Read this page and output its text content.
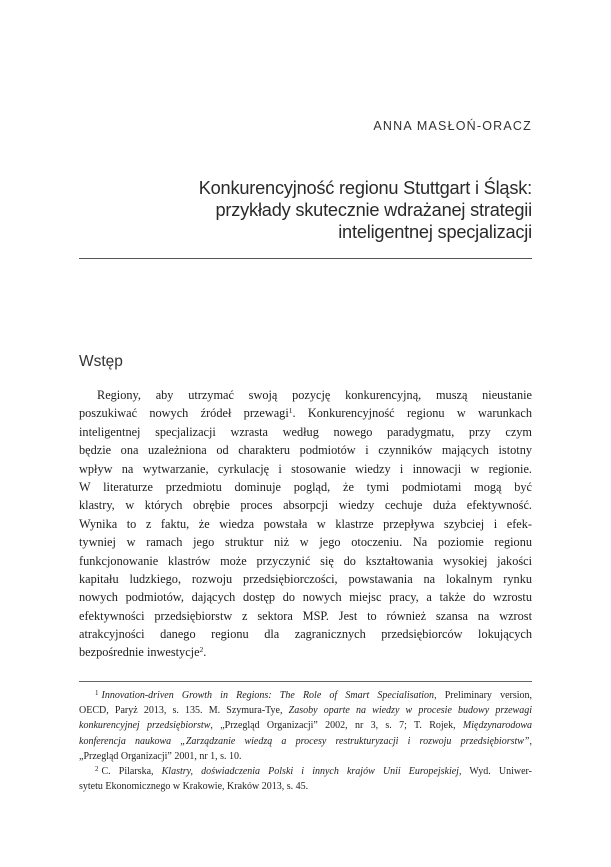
ANNA MASŁOŃ-ORACZ
Konkurencyjność regionu Stuttgart i Śląsk:
przykłady skutecznie wdrażanej strategii
inteligentnej specjalizacji
Wstęp
Regiony, aby utrzymać swoją pozycję konkurencyjną, muszą nieustanie
poszukiwać nowych źródeł przewagi$^1$. Konkurencyjność regionu w warunkach
inteligentnej specjalizacji wzrasta według nowego paradygmatu, przy czym
będzie ona uzależniona od charakteru podmiotów i czynników mających istotny
wpływ na wytwarzanie, cyrkulację i stosowanie wiedzy i innowacji w regionie.
W literaturze przedmiotu dominuje pogląd, że tymi podmiotami mogą być
klastry, w których obrębie proces absorpcji wiedzy cechuje duża efektywność.
Wynika to z faktu, że wiedza powstała w klastrze przepływa szybciej i efek-
tywniej w ramach jego struktur niż w jego otoczeniu. Na poziomie regionu
funkcjonowanie klastrów może przyczynić się do kształtowania wysokiej jakości
kapitału ludzkiego, rozwoju przedsiębiorczości, powstawania na lokalnym rynku
nowych podmiotów, dających dostęp do nowych miejsc pracy, a także do wzrostu
efektywności przedsiębiorstw z sektora MSP. Jest to również szansa na wzrost
atrakcyjności danego regionu dla zagranicznych przedsiębiorców lokujących
bezpośrednie inwestycje$^2$.
$^1$ Innovation-driven Growth in Regions: The Role of Smart Specialisation, Preliminary version,
OECD, Paryż 2013, s. 135. M. Szymura-Tye, Zasoby oparte na wiedzy w procesie budowy przewagi
konkurencyjnej przedsiębiorstw, „Przegląd Organizacji” 2002, nr 3, s. 7; T. Rojek, Międzynarodowa
konferencja naukowa „Zarządzanie wiedzą a procesy restrukturyzacji i rozwoju przedsiębiorstw”,
„Przegląd Organizacji” 2001, nr 1, s. 10.
$^2$ C. Pilarska, Klastry, doświadczenia Polski i innych krajów Unii Europejskiej, Wyd. Uniwer-
sytetu Ekonomicznego w Krakowie, Kraków 2013, s. 45.
